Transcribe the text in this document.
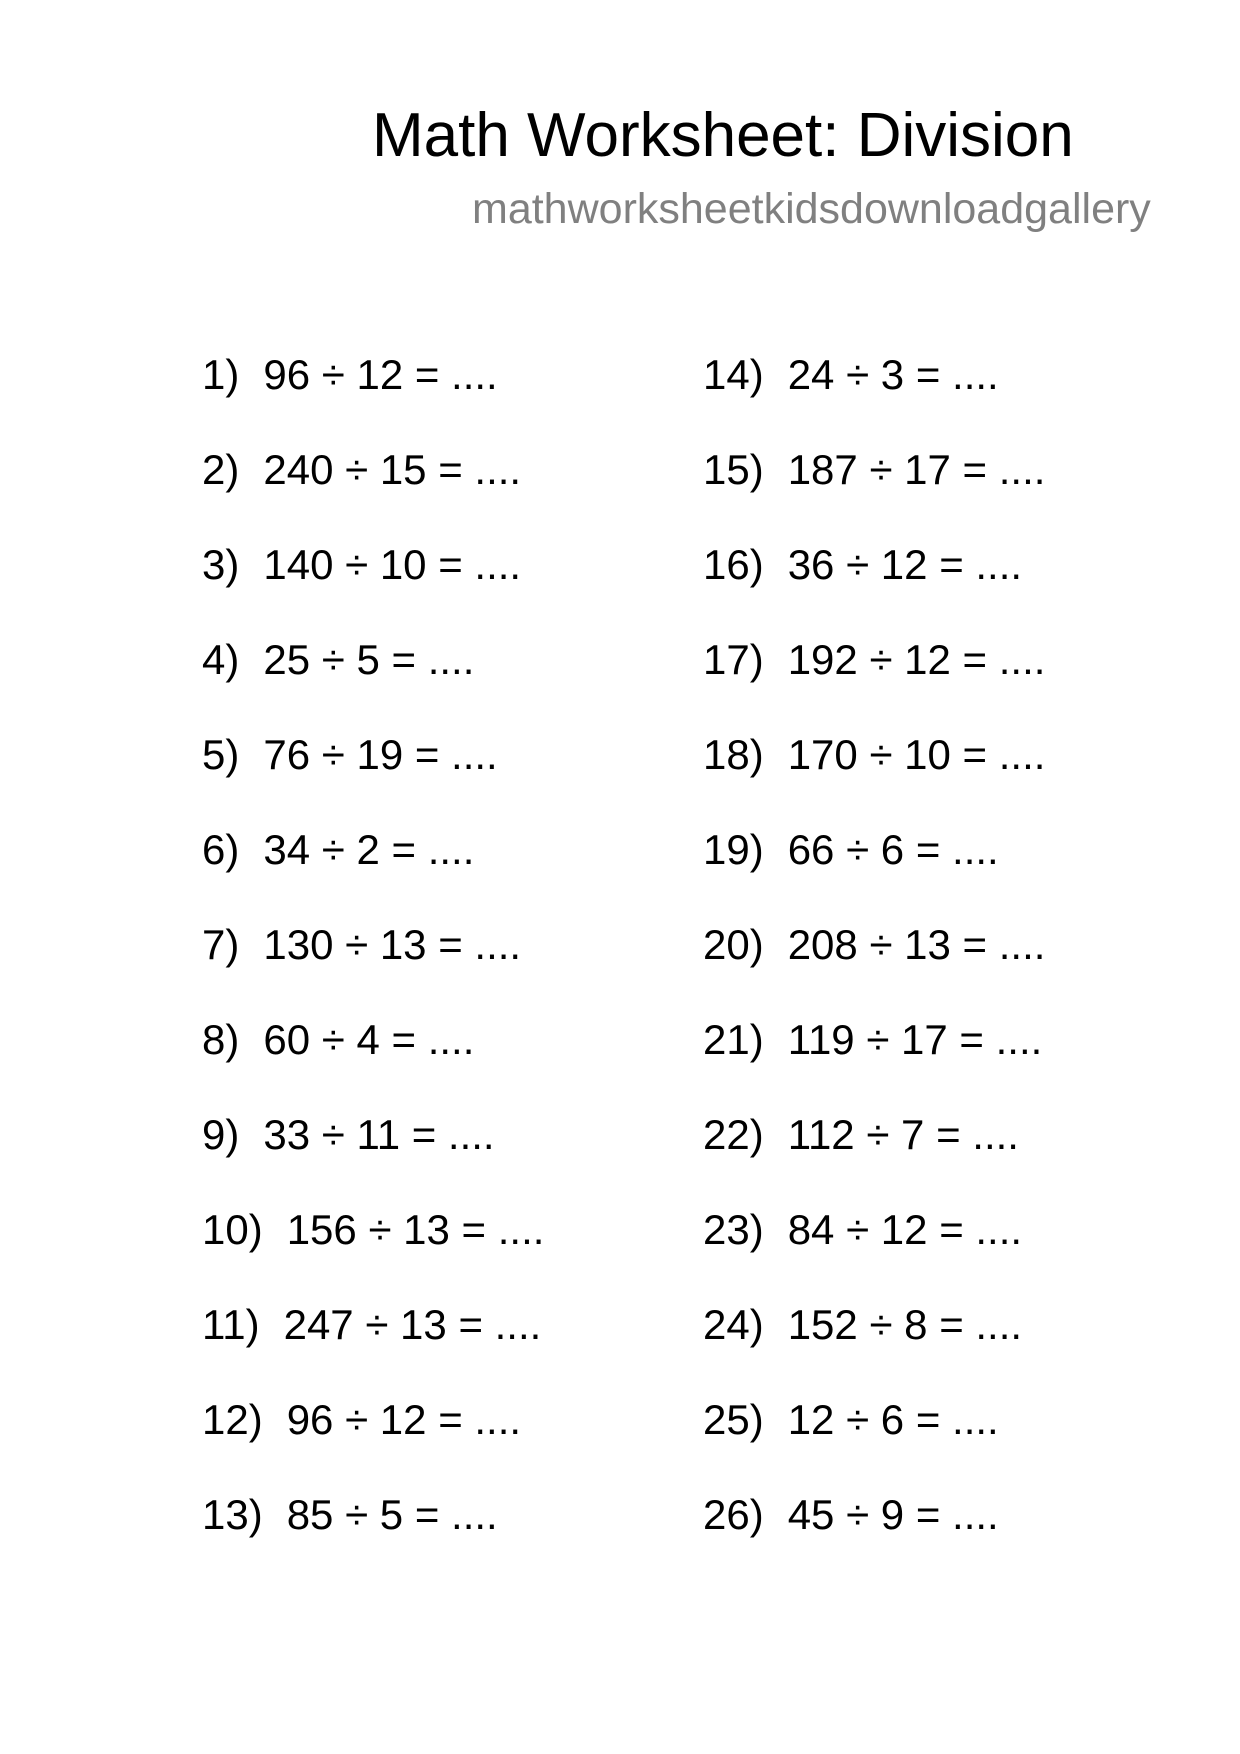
Math Worksheet: Division
mathworksheetkidsdownloadgallery
1) 96 ÷ 12 = ....
2) 240 ÷ 15 = ....
3) 140 ÷ 10 = ....
4) 25 ÷ 5 = ....
5) 76 ÷ 19 = ....
6) 34 ÷ 2 = ....
7) 130 ÷ 13 = ....
8) 60 ÷ 4 = ....
9) 33 ÷ 11 = ....
10) 156 ÷ 13 = ....
11) 247 ÷ 13 = ....
12) 96 ÷ 12 = ....
13) 85 ÷ 5 = ....
14) 24 ÷ 3 = ....
15) 187 ÷ 17 = ....
16) 36 ÷ 12 = ....
17) 192 ÷ 12 = ....
18) 170 ÷ 10 = ....
19) 66 ÷ 6 = ....
20) 208 ÷ 13 = ....
21) 119 ÷ 17 = ....
22) 112 ÷ 7 = ....
23) 84 ÷ 12 = ....
24) 152 ÷ 8 = ....
25) 12 ÷ 6 = ....
26) 45 ÷ 9 = ....
